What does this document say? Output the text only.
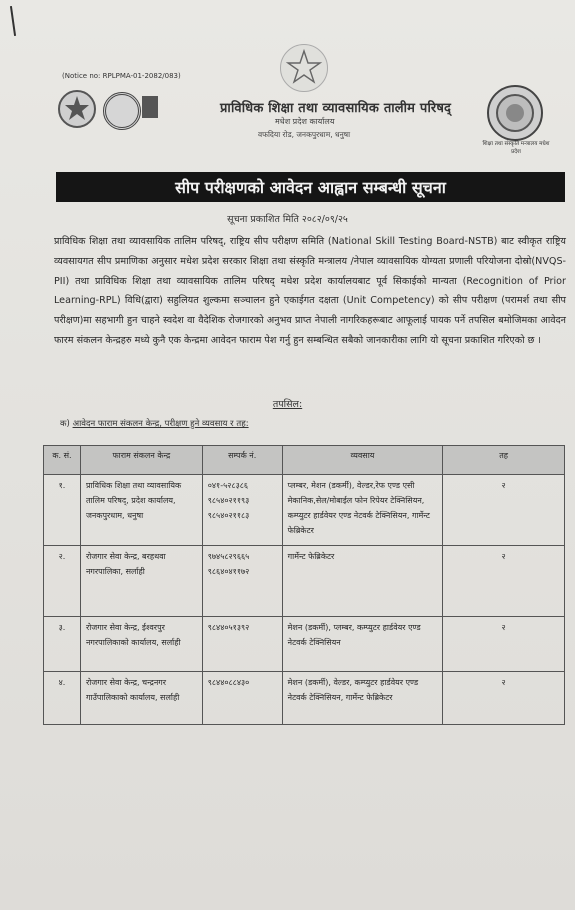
(Notice no: RPLPMA-01-2082/083)

प्राविधिक शिक्षा तथा व्यावसायिक तालीम परिषद्
मधेश प्रदेश कार्यालय
वफदिया रोड, जनकपुरधाम, धनुषा
शिक्षा तथा संस्कृति मन्त्रालय मधेश प्रदेश
सीप परीक्षणको आवेदन आह्वान सम्बन्धी सूचना
सूचना प्रकाशित मिति २०८२/०९/२५
प्राविधिक शिक्षा तथा व्यावसायिक तालिम परिषद्, राष्ट्रिय सीप परीक्षण समिति (National Skill Testing Board-NSTB) बाट स्वीकृत राष्ट्रिय व्यवसायगत सीप प्रमाणिका अनुसार मधेश प्रदेश सरकार शिक्षा तथा संस्कृति मन्त्रालय /नेपाल व्यावसायिक योग्यता प्रणाली परियोजना दोस्रो(NVQS-PII) तथा प्राविधिक शिक्षा तथा व्यावसायिक तालिम परिषद् मधेश प्रदेश कार्यालयबाट पूर्व सिकाईको मान्यता (Recognition of Prior Learning-RPL) विधि(द्वारा) सहुलियत शुल्कमा सञ्चालन हुने एकाईगत दक्षता (Unit Competency) को सीप परीक्षण (परामर्श तथा सीप परीक्षण)मा सहभागी हुन चाहने स्वदेश वा वैदेशिक रोजगारको अनुभव प्राप्त नेपाली नागरिकहरूबाट आफूलाई पायक पर्ने तपसिल बमोजिमका आवेदन फारम संकलन केन्द्रहरु मध्ये कुनै एक केन्द्रमा आवेदन फाराम पेश गर्नु हुन सम्बन्धित सबैको जानकारीका लागि यो सूचना प्रकाशित गरिएको छ ।
तपसिल:
क) आवेदन फाराम संकलन केन्द्र, परीक्षण हुने व्यवसाय र तह:
क. सं.	फाराम संकलन केन्द्र	सम्पर्क नं.	व्यवसाय	तह
१.	प्राविधिक शिक्षा तथा व्यावसायिक तालिम परिषद्, प्रदेश कार्यालय, जनकपुरधाम, धनुषा	०४१-५२८३८६ ९८५४०२११९३ ९८५४०२११८३	प्लम्बर, मेशन (डकर्मी), वेल्डर,रेफ एण्ड एसी मेकानिक,सेल/मोबाईल फोन रिपेयर टेक्निसियन, कम्प्युटर हार्डवेयर एण्ड नेटवर्क टेक्निसियन, गार्मेन्ट फेब्रिकेटर	२
२.	रोजगार सेवा केन्द्र, बरहथवा नगरपालिका, सर्लाही	९७४५८२९६६५ ९८६४०४११७२	गार्मेन्ट फेब्रिकेटर	२
३.	रोजगार सेवा केन्द्र, ईश्वरपुर नगरपालिकाको कार्यालय, सर्लाही	९८४४०५१३९२	मेशन (डकर्मी), प्लम्बर, कम्प्युटर हार्डवेयर एण्ड नेटवर्क टेक्निसियन	२
४.	रोजगार सेवा केन्द्र, चन्द्रनगर गाउँपालिकाको कार्यालय, सर्लाही	९८४४०८८४३०	मेशन (डकर्मी), वेल्डर, कम्प्युटर हार्डवेयर एण्ड नेटवर्क टेक्निसियन, गार्मेन्ट फेब्रिकेटर	२
